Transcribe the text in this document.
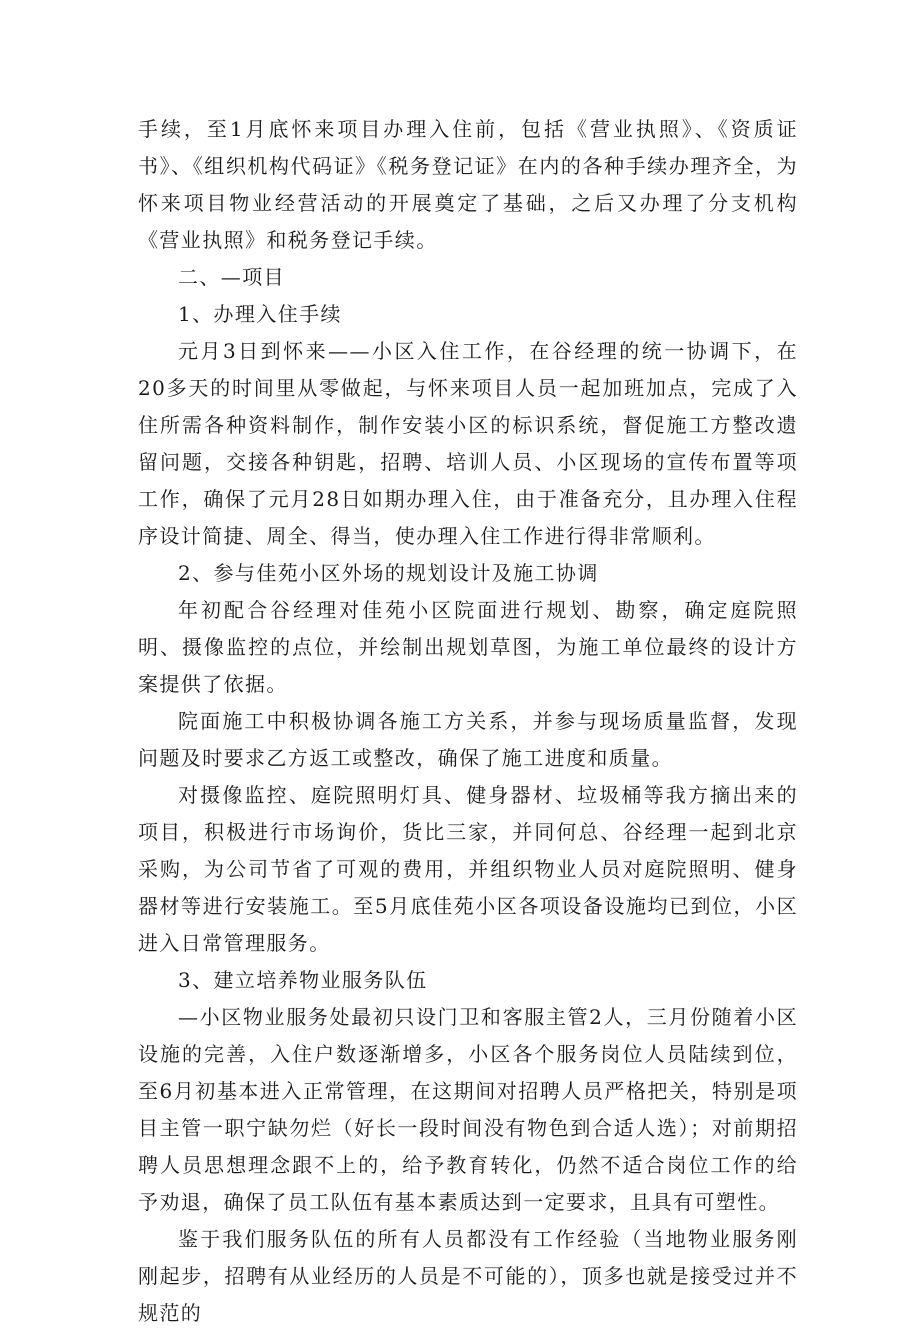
手续，至1月底怀来项目办理入住前，包括《营业执照》、《资质证书》、《组织机构代码证》《税务登记证》在内的各种手续办理齐全，为怀来项目物业经营活动的开展奠定了基础，之后又办理了分支机构《营业执照》和税务登记手续。

二、—项目

1、办理入住手续

元月3日到怀来——小区入住工作，在谷经理的统一协调下，在20多天的时间里从零做起，与怀来项目人员一起加班加点，完成了入住所需各种资料制作，制作安装小区的标识系统，督促施工方整改遗留问题，交接各种钥匙，招聘、培训人员、小区现场的宣传布置等项工作，确保了元月28日如期办理入住，由于准备充分，且办理入住程序设计简捷、周全、得当，使办理入住工作进行得非常顺利。

2、参与佳苑小区外场的规划设计及施工协调

年初配合谷经理对佳苑小区院面进行规划、勘察，确定庭院照明、摄像监控的点位，并绘制出规划草图，为施工单位最终的设计方案提供了依据。

院面施工中积极协调各施工方关系，并参与现场质量监督，发现问题及时要求乙方返工或整改，确保了施工进度和质量。

对摄像监控、庭院照明灯具、健身器材、垃圾桶等我方摘出来的项目，积极进行市场询价，货比三家，并同何总、谷经理一起到北京采购，为公司节省了可观的费用，并组织物业人员对庭院照明、健身器材等进行安装施工。至5月底佳苑小区各项设备设施均已到位，小区进入日常管理服务。

3、建立培养物业服务队伍

—小区物业服务处最初只设门卫和客服主管2人，三月份随着小区设施的完善，入住户数逐渐增多，小区各个服务岗位人员陆续到位，至6月初基本进入正常管理，在这期间对招聘人员严格把关，特别是项目主管一职宁缺勿烂（好长一段时间没有物色到合适人选）；对前期招聘人员思想理念跟不上的，给予教育转化，仍然不适合岗位工作的给予劝退，确保了员工队伍有基本素质达到一定要求，且具有可塑性。

鉴于我们服务队伍的所有人员都没有工作经验（当地物业服务刚刚起步，招聘有从业经历的人员是不可能的），顶多也就是接受过并不规范的
